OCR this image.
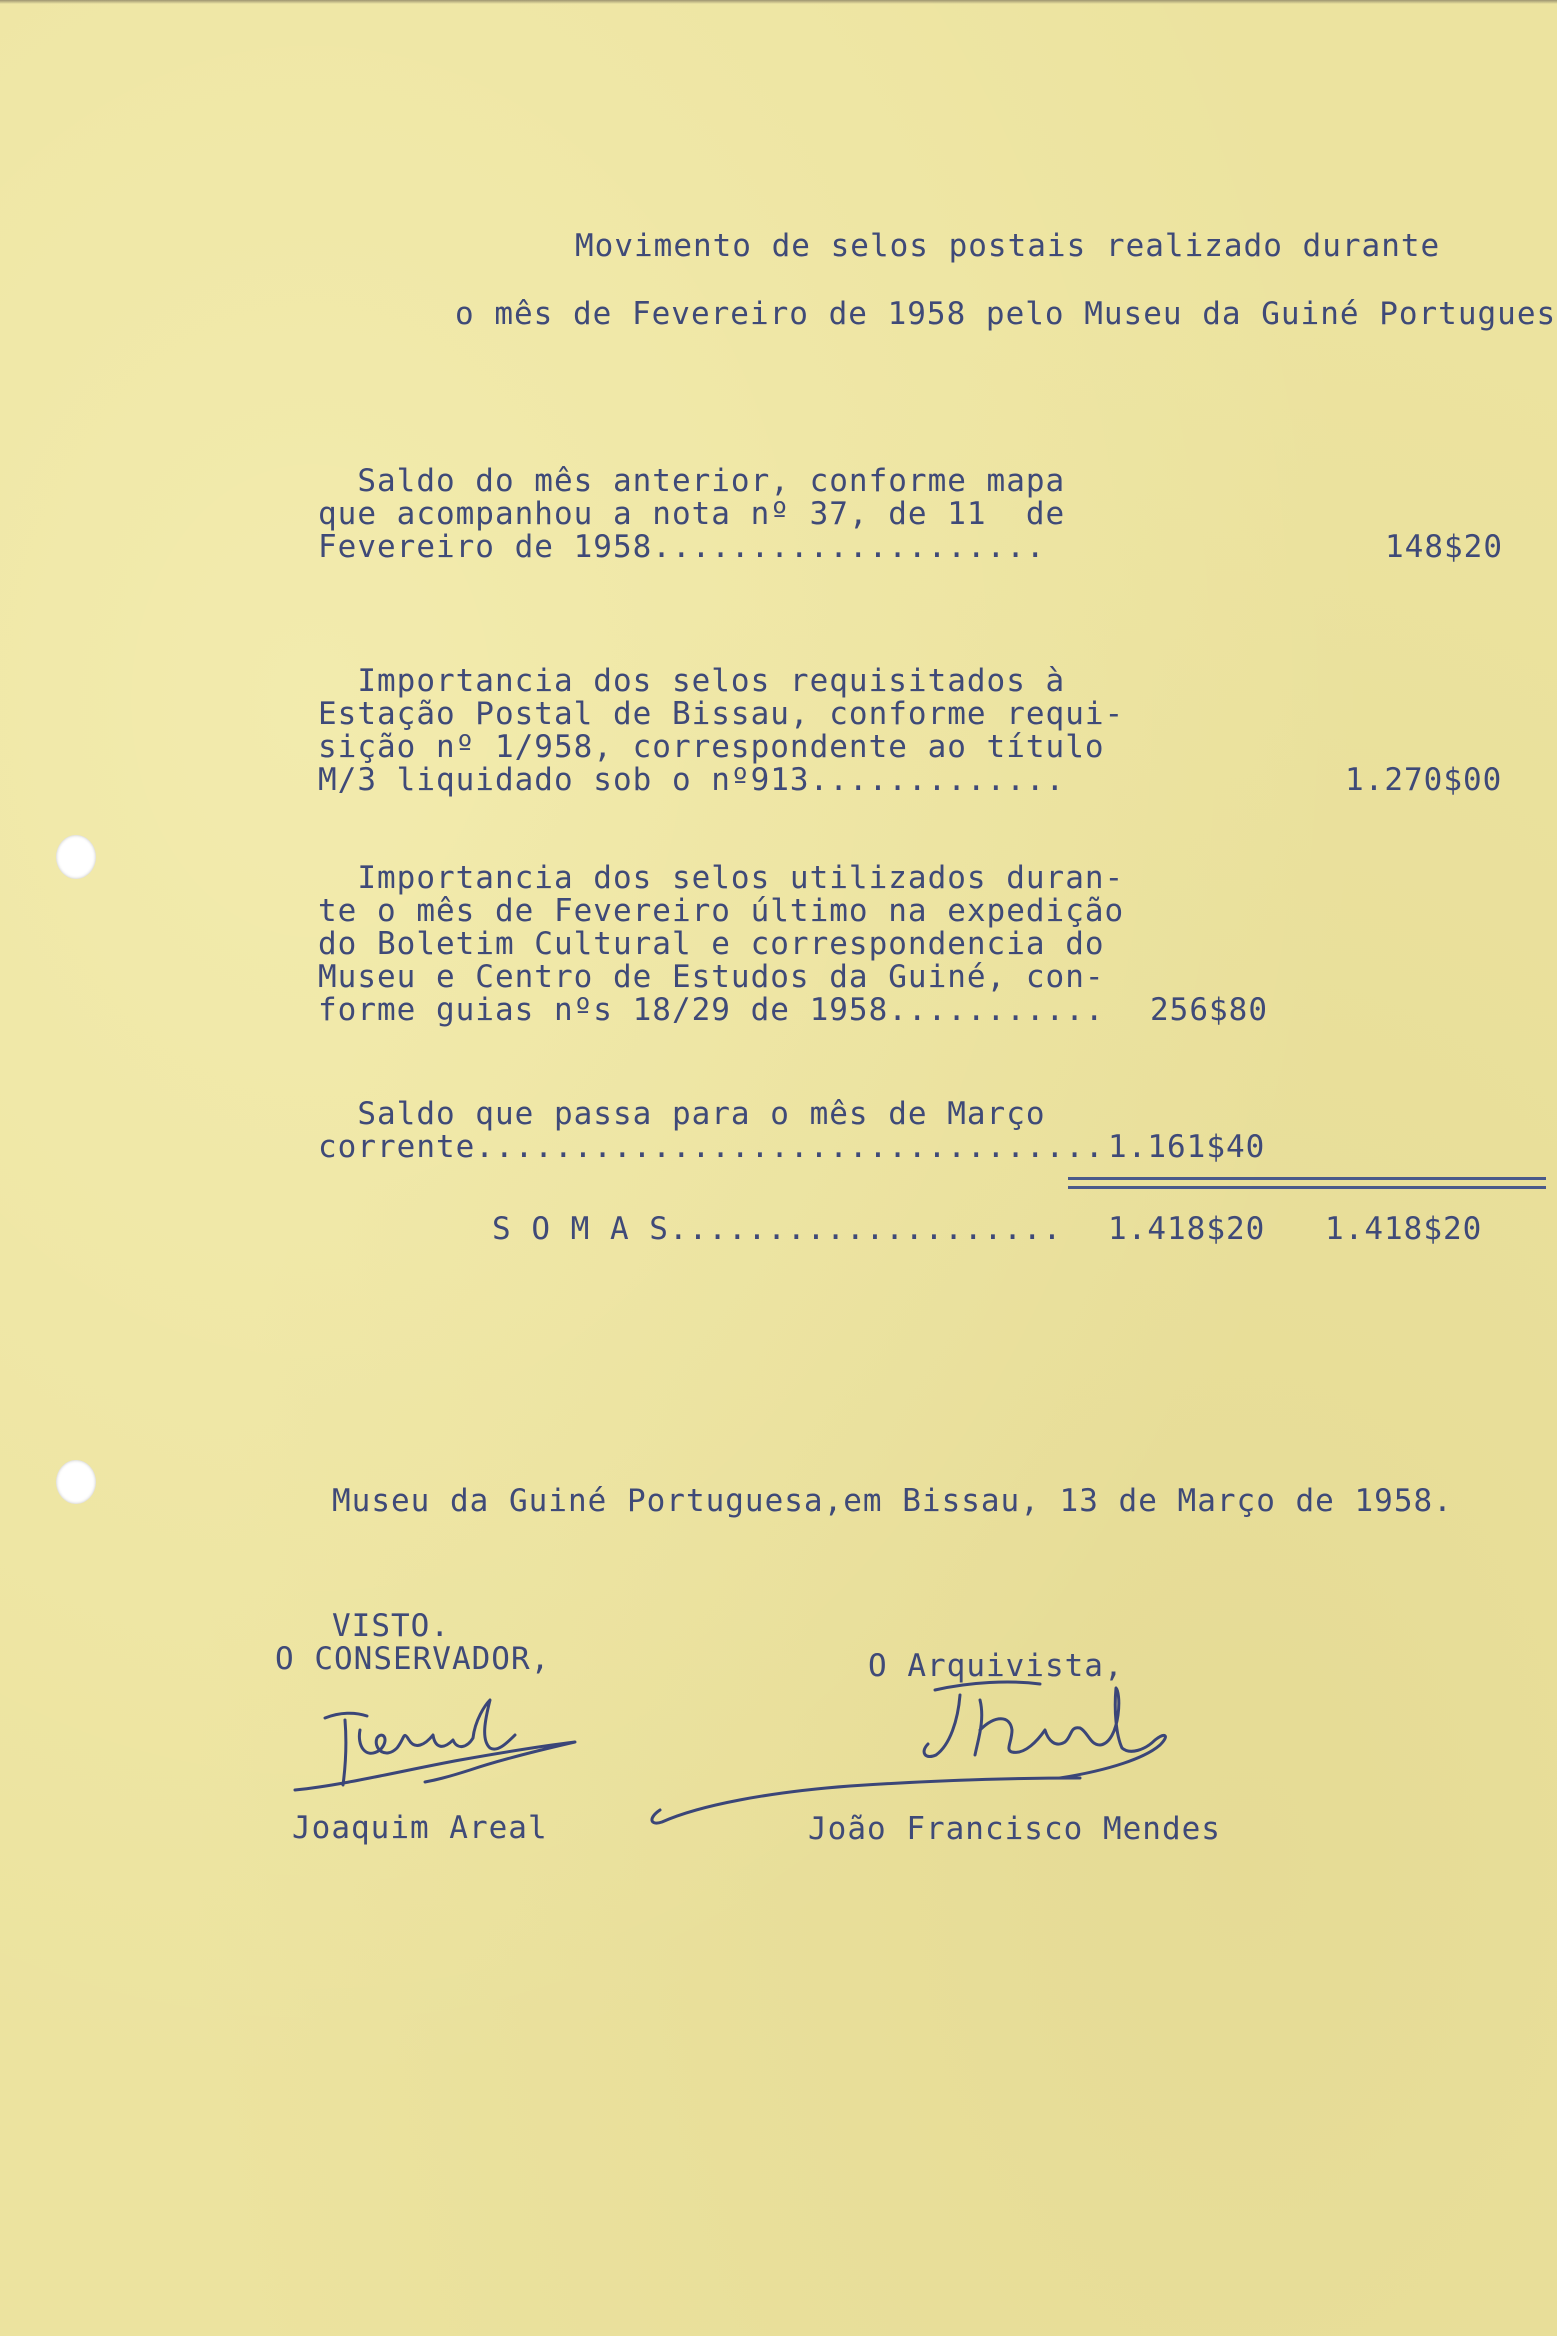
Movimento de selos postais realizado durante
o mês de Fevereiro de 1958 pelo Museu da Guiné Portugues
Saldo do mês anterior, conforme mapa
que acompanhou a nota nº 37, de 11  de
Fevereiro de 1958....................	148$20
Importancia dos selos requisitados à
Estação Postal de Bissau, conforme requi-
sição nº 1/958, correspondente ao título
M/3 liquidado sob o nº913.............	1.270$00
Importancia dos selos utilizados duran-
te o mês de Fevereiro último na expedição
do Boletim Cultural e correspondencia do
Museu e Centro de Estudos da Guiné, con-
forme guias nºs 18/29 de 1958........... 256$80
Saldo que passa para o mês de Março
corrente................................ 1.161$40
S O M A S.................... 1.418$20 1.418$20
Museu da Guiné Portuguesa,em Bissau, 13 de Março de 1958.
VISTO.
O CONSERVADOR,	O Arquivista,
Joaquim Areal	João Francisco Mendes
